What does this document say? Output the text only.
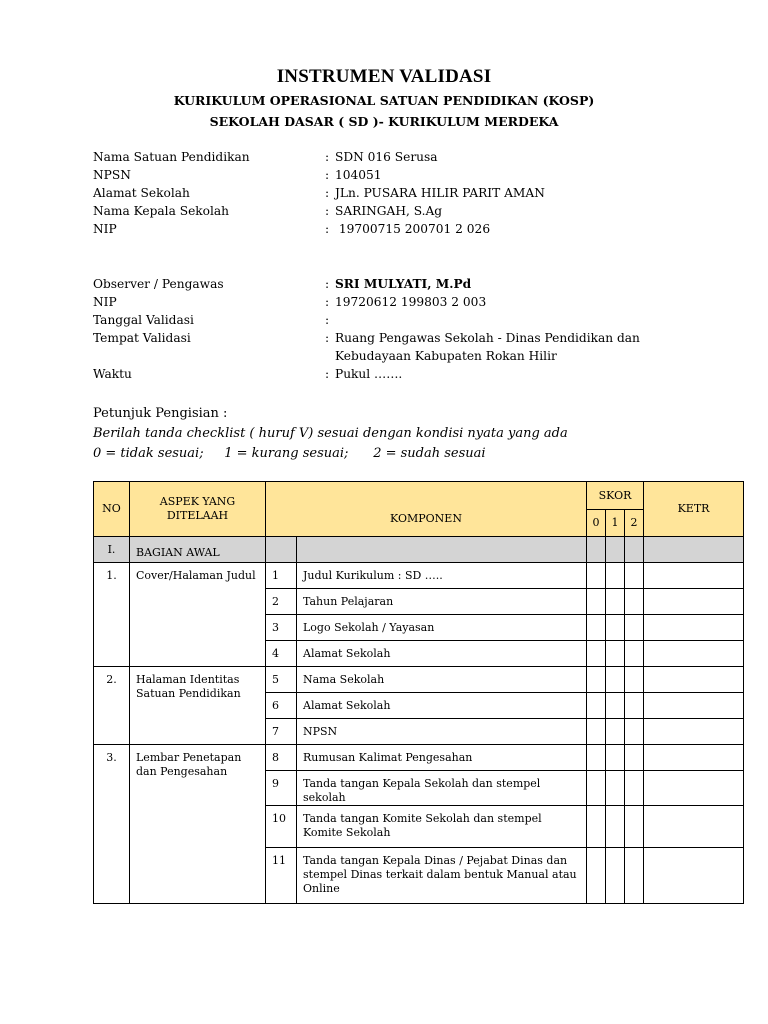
INSTRUMEN VALIDASI
KURIKULUM OPERASIONAL SATUAN PENDIDIKAN (KOSP)
SEKOLAH DASAR ( SD )- KURIKULUM MERDEKA
Nama Satuan Pendidikan	: SDN 016 Serusa
NPSN	: 104051
Alamat Sekolah	: JLn. PUSARA HILIR PARIT AMAN
Nama Kepala Sekolah	: SARINGAH, S.Ag
NIP	: 19700715 200701 2 026
Observer / Pengawas	: SRI MULYATI, M.Pd
NIP	: 19720612 199803 2 003
Tanggal Validasi	:
Tempat Validasi	: Ruang Pengawas Sekolah - Dinas Pendidikan dan Kebudayaan Kabupaten Rokan Hilir
Waktu	: Pukul …….
Petunjuk Pengisian :
Berilah tanda checklist ( huruf V) sesuai dengan kondisi nyata yang ada
0 = tidak sesuai;     1 = kurang sesuai;      2 = sudah sesuai
NO	ASPEK YANG DITELAAH	KOMPONEN		SKOR			KETR
				0	1	2	
I.	BAGIAN AWAL						
1.	Cover/Halaman Judul	1	Judul Kurikulum : SD …..				
		2	Tahun Pelajaran				
		3	Logo Sekolah / Yayasan				
		4	Alamat Sekolah				
2.	Halaman Identitas Satuan Pendidikan	5	Nama Sekolah				
		6	Alamat Sekolah				
		7	NPSN				
3.	Lembar Penetapan dan Pengesahan	8	Rumusan Kalimat Pengesahan				
		9	Tanda tangan Kepala Sekolah dan stempel sekolah				
		10	Tanda tangan Komite Sekolah dan stempel Komite Sekolah				
		11	Tanda tangan Kepala Dinas / Pejabat Dinas dan stempel Dinas terkait dalam bentuk Manual atau Online				
